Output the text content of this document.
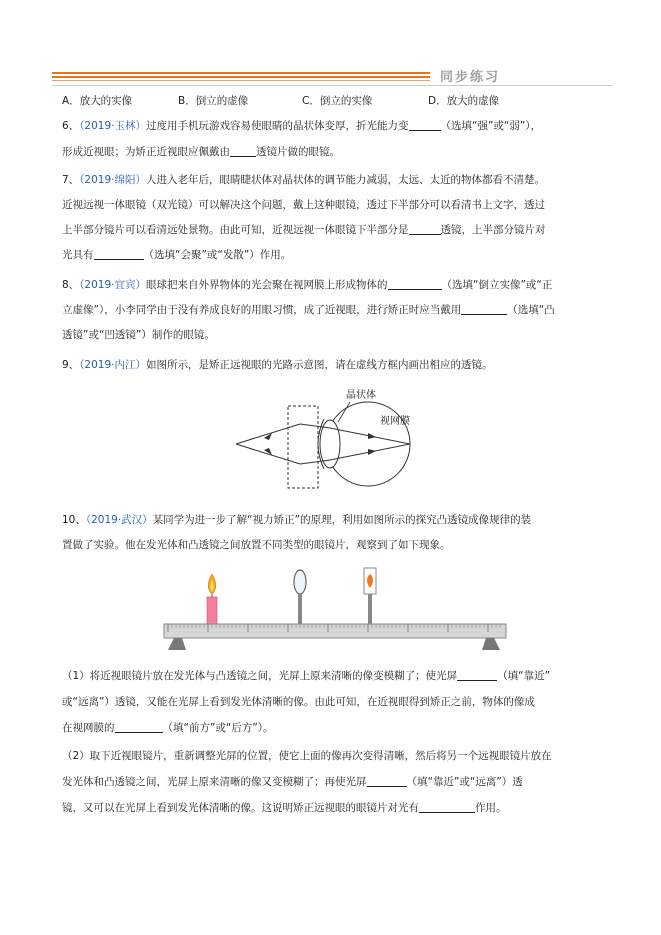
同步练习
A．放大的实像	B．倒立的虚像	C．倒立的实像	D．放大的虚像
6、（2019·玉林）过度用手机玩游戏容易使眼睛的晶状体变厚，折光能力变	（选填“强”或“弱”），
形成近视眼；为矫正近视眼应佩戴由 透镜片做的眼镜。
7、（2019·绵阳）人进入老年后，眼睛睫状体对晶状体的调节能力减弱，太远、太近的物体都看不清楚。
近视远视一体眼镜（双光镜）可以解决这个问题，戴上这种眼镜，透过下半部分可以看清书上文字，透过
上半部分镜片可以看清远处景物。由此可知，近视远视一体眼镜下半部分是	透镜，上半部分镜片对
光具有	（选填“会聚”或“发散”）作用。
8、（2019·宜宾）眼球把来自外界物体的光会聚在视网膜上形成物体的	（选填“倒立实像”或“正
立虚像”），小李同学由于没有养成良好的用眼习惯，成了近视眼，进行矫正时应当戴用	（选填“凸
透镜”或“凹透镜”）制作的眼镜。
9、（2019·内江）如图所示，是矫正远视眼的光路示意图，请在虚线方框内画出相应的透镜。
晶状体
视网膜
10、（2019·武汉）某同学为进一步了解“视力矫正”的原理，利用如图所示的探究凸透镜成像规律的装
置做了实验。他在发光体和凸透镜之间放置不同类型的眼镜片，观察到了如下现象。
（1）将近视眼镜片放在发光体与凸透镜之间，光屏上原来清晰的像变模糊了；使光屏	（填“靠近”
或“远离”）透镜，又能在光屏上看到发光体清晰的像。由此可知，在近视眼得到矫正之前，物体的像成
在视网膜的	（填“前方”或“后方”）。
（2）取下近视眼镜片，重新调整光屏的位置，使它上面的像再次变得清晰，然后将另一个远视眼镜片放在
发光体和凸透镜之间，光屏上原来清晰的像又变模糊了；再使光屏	（填“靠近”或“远离”）透
镜，又可以在光屏上看到发光体清晰的像。这说明矫正远视眼的眼镜片对光有	作用。
